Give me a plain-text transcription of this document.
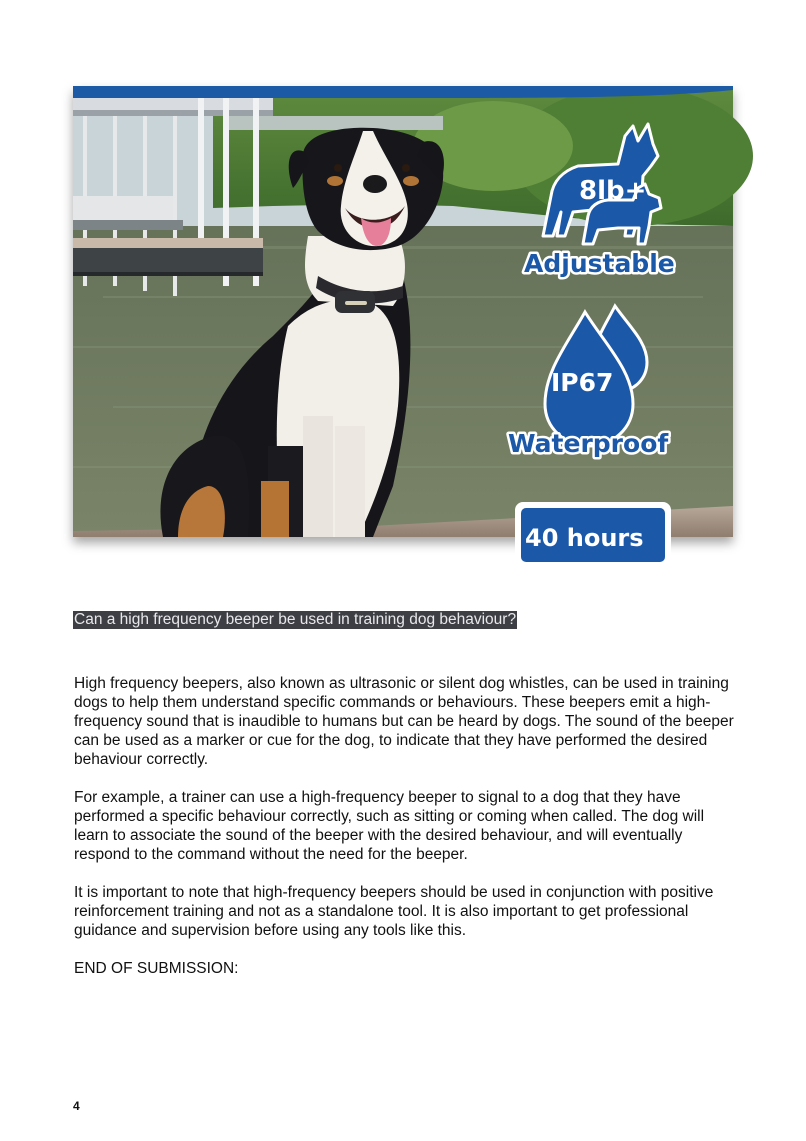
8lb+
Adjustable
IP67
Waterproof
40 hours
Can a high frequency beeper be used in training dog behaviour?

High frequency beepers, also known as ultrasonic or silent dog whistles, can be used in training dogs to help them understand specific commands or behaviours. These beepers emit a high-frequency sound that is inaudible to humans but can be heard by dogs. The sound of the beeper can be used as a marker or cue for the dog, to indicate that they have performed the desired behaviour correctly.

For example, a trainer can use a high-frequency beeper to signal to a dog that they have performed a specific behaviour correctly, such as sitting or coming when called. The dog will learn to associate the sound of the beeper with the desired behaviour, and will eventually respond to the command without the need for the beeper.

It is important to note that high-frequency beepers should be used in conjunction with positive reinforcement training and not as a standalone tool. It is also important to get professional guidance and supervision before using any tools like this.

END OF SUBMISSION:

4
